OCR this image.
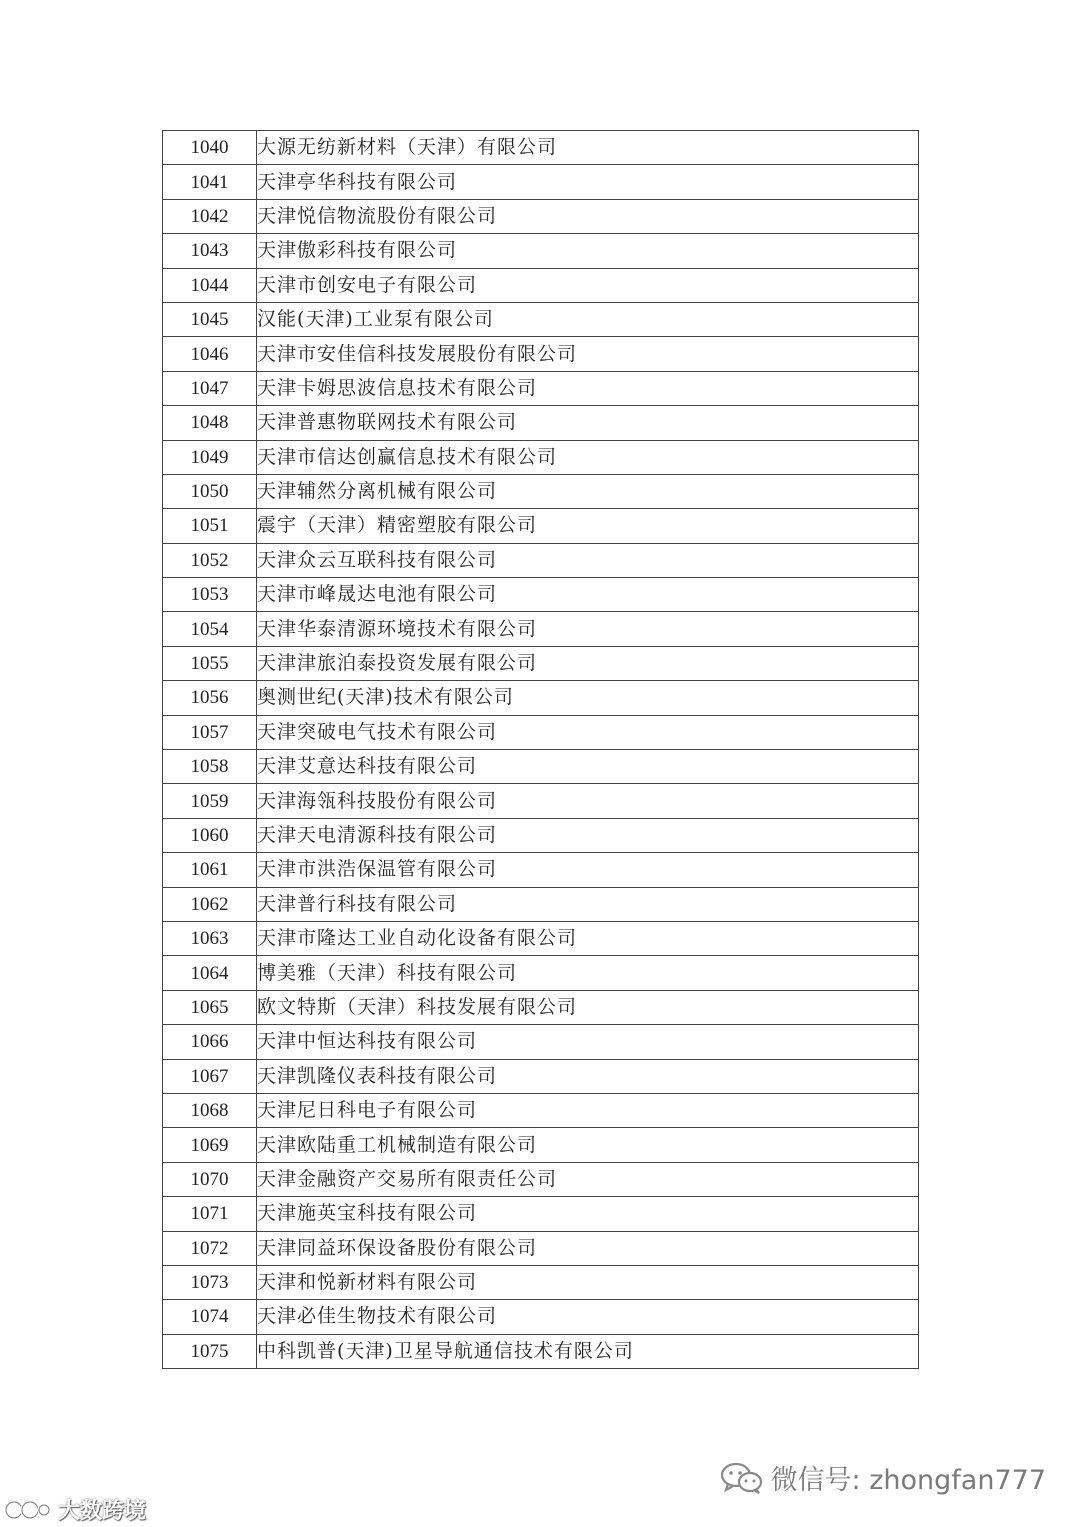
1040	大源无纺新材料（天津）有限公司
1041	天津亭华科技有限公司
1042	天津悦信物流股份有限公司
1043	天津傲彩科技有限公司
1044	天津市创安电子有限公司
1045	汉能(天津)工业泵有限公司
1046	天津市安佳信科技发展股份有限公司
1047	天津卡姆思波信息技术有限公司
1048	天津普惠物联网技术有限公司
1049	天津市信达创赢信息技术有限公司
1050	天津辅然分离机械有限公司
1051	震宇（天津）精密塑胶有限公司
1052	天津众云互联科技有限公司
1053	天津市峰晟达电池有限公司
1054	天津华泰清源环境技术有限公司
1055	天津津旅泊泰投资发展有限公司
1056	奥测世纪(天津)技术有限公司
1057	天津突破电气技术有限公司
1058	天津艾意达科技有限公司
1059	天津海瓴科技股份有限公司
1060	天津天电清源科技有限公司
1061	天津市洪浩保温管有限公司
1062	天津普行科技有限公司
1063	天津市隆达工业自动化设备有限公司
1064	博美雅（天津）科技有限公司
1065	欧文特斯（天津）科技发展有限公司
1066	天津中恒达科技有限公司
1067	天津凯隆仪表科技有限公司
1068	天津尼日科电子有限公司
1069	天津欧陆重工机械制造有限公司
1070	天津金融资产交易所有限责任公司
1071	天津施英宝科技有限公司
1072	天津同益环保设备股份有限公司
1073	天津和悦新材料有限公司
1074	天津必佳生物技术有限公司
1075	中科凯普(天津)卫星导航通信技术有限公司
微信号: zhongfan777
大数跨境
